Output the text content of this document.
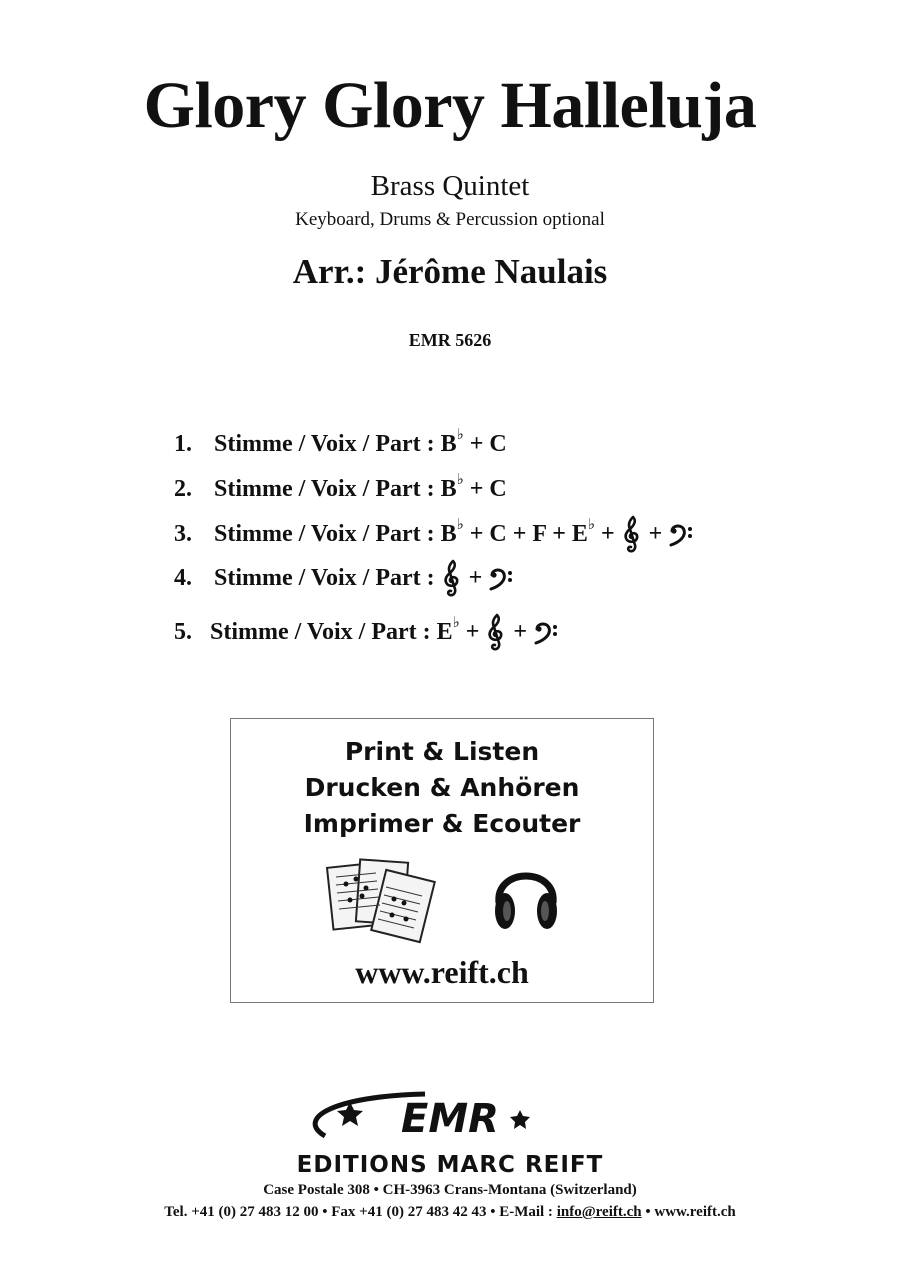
Glory Glory Halleluja
Brass Quintet
Keyboard, Drums & Percussion optional
Arr.: Jérôme Naulais
EMR 5626
1. Stimme / Voix / Part : B♭ + C
2. Stimme / Voix / Part : B♭ + C
3. Stimme / Voix / Part : B♭ + C + F + E♭ +  +
4. Stimme / Voix / Part :  +
5. Stimme / Voix / Part : E♭ +  +
Print & Listen
Drucken & Anhören
Imprimer & Ecouter
www.reift.ch
EMR
EDITIONS MARC REIFT
Case Postale 308 • CH-3963 Crans-Montana (Switzerland)
Tel. +41 (0) 27 483 12 00 • Fax +41 (0) 27 483 42 43 • E-Mail : info@reift.ch • www.reift.ch
